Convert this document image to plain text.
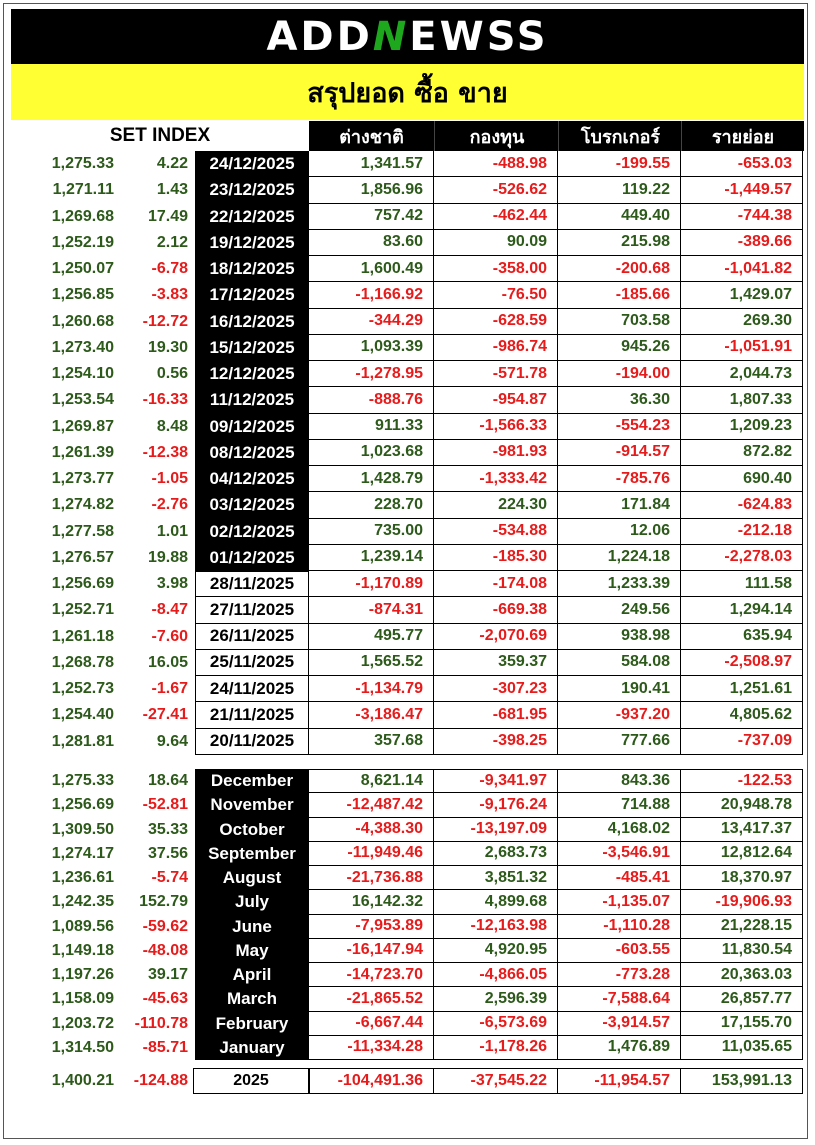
ADDNEWSS
สรุปยอด ซื้อ ขาย
SET INDEX	ต่างชาติ	กองทุน	โบรกเกอร์	รายย่อย
1,275.33	4.22	24/12/2025	1,341.57	-488.98	-199.55	-653.03
1,271.11	1.43	23/12/2025	1,856.96	-526.62	119.22	-1,449.57
1,269.68	17.49	22/12/2025	757.42	-462.44	449.40	-744.38
1,252.19	2.12	19/12/2025	83.60	90.09	215.98	-389.66
1,250.07	-6.78	18/12/2025	1,600.49	-358.00	-200.68	-1,041.82
1,256.85	-3.83	17/12/2025	-1,166.92	-76.50	-185.66	1,429.07
1,260.68	-12.72	16/12/2025	-344.29	-628.59	703.58	269.30
1,273.40	19.30	15/12/2025	1,093.39	-986.74	945.26	-1,051.91
1,254.10	0.56	12/12/2025	-1,278.95	-571.78	-194.00	2,044.73
1,253.54	-16.33	11/12/2025	-888.76	-954.87	36.30	1,807.33
1,269.87	8.48	09/12/2025	911.33	-1,566.33	-554.23	1,209.23
1,261.39	-12.38	08/12/2025	1,023.68	-981.93	-914.57	872.82
1,273.77	-1.05	04/12/2025	1,428.79	-1,333.42	-785.76	690.40
1,274.82	-2.76	03/12/2025	228.70	224.30	171.84	-624.83
1,277.58	1.01	02/12/2025	735.00	-534.88	12.06	-212.18
1,276.57	19.88	01/12/2025	1,239.14	-185.30	1,224.18	-2,278.03
1,256.69	3.98	28/11/2025	-1,170.89	-174.08	1,233.39	111.58
1,252.71	-8.47	27/11/2025	-874.31	-669.38	249.56	1,294.14
1,261.18	-7.60	26/11/2025	495.77	-2,070.69	938.98	635.94
1,268.78	16.05	25/11/2025	1,565.52	359.37	584.08	-2,508.97
1,252.73	-1.67	24/11/2025	-1,134.79	-307.23	190.41	1,251.61
1,254.40	-27.41	21/11/2025	-3,186.47	-681.95	-937.20	4,805.62
1,281.81	9.64	20/11/2025	357.68	-398.25	777.66	-737.09
1,275.33	18.64	December	8,621.14	-9,341.97	843.36	-122.53
1,256.69	-52.81	November	-12,487.42	-9,176.24	714.88	20,948.78
1,309.50	35.33	October	-4,388.30	-13,197.09	4,168.02	13,417.37
1,274.17	37.56	September	-11,949.46	2,683.73	-3,546.91	12,812.64
1,236.61	-5.74	August	-21,736.88	3,851.32	-485.41	18,370.97
1,242.35	152.79	July	16,142.32	4,899.68	-1,135.07	-19,906.93
1,089.56	-59.62	June	-7,953.89	-12,163.98	-1,110.28	21,228.15
1,149.18	-48.08	May	-16,147.94	4,920.95	-603.55	11,830.54
1,197.26	39.17	April	-14,723.70	-4,866.05	-773.28	20,363.03
1,158.09	-45.63	March	-21,865.52	2,596.39	-7,588.64	26,857.77
1,203.72	-110.78	February	-6,667.44	-6,573.69	-3,914.57	17,155.70
1,314.50	-85.71	January	-11,334.28	-1,178.26	1,476.89	11,035.65
1,400.21	-124.88	2025	-104,491.36	-37,545.22	-11,954.57	153,991.13
